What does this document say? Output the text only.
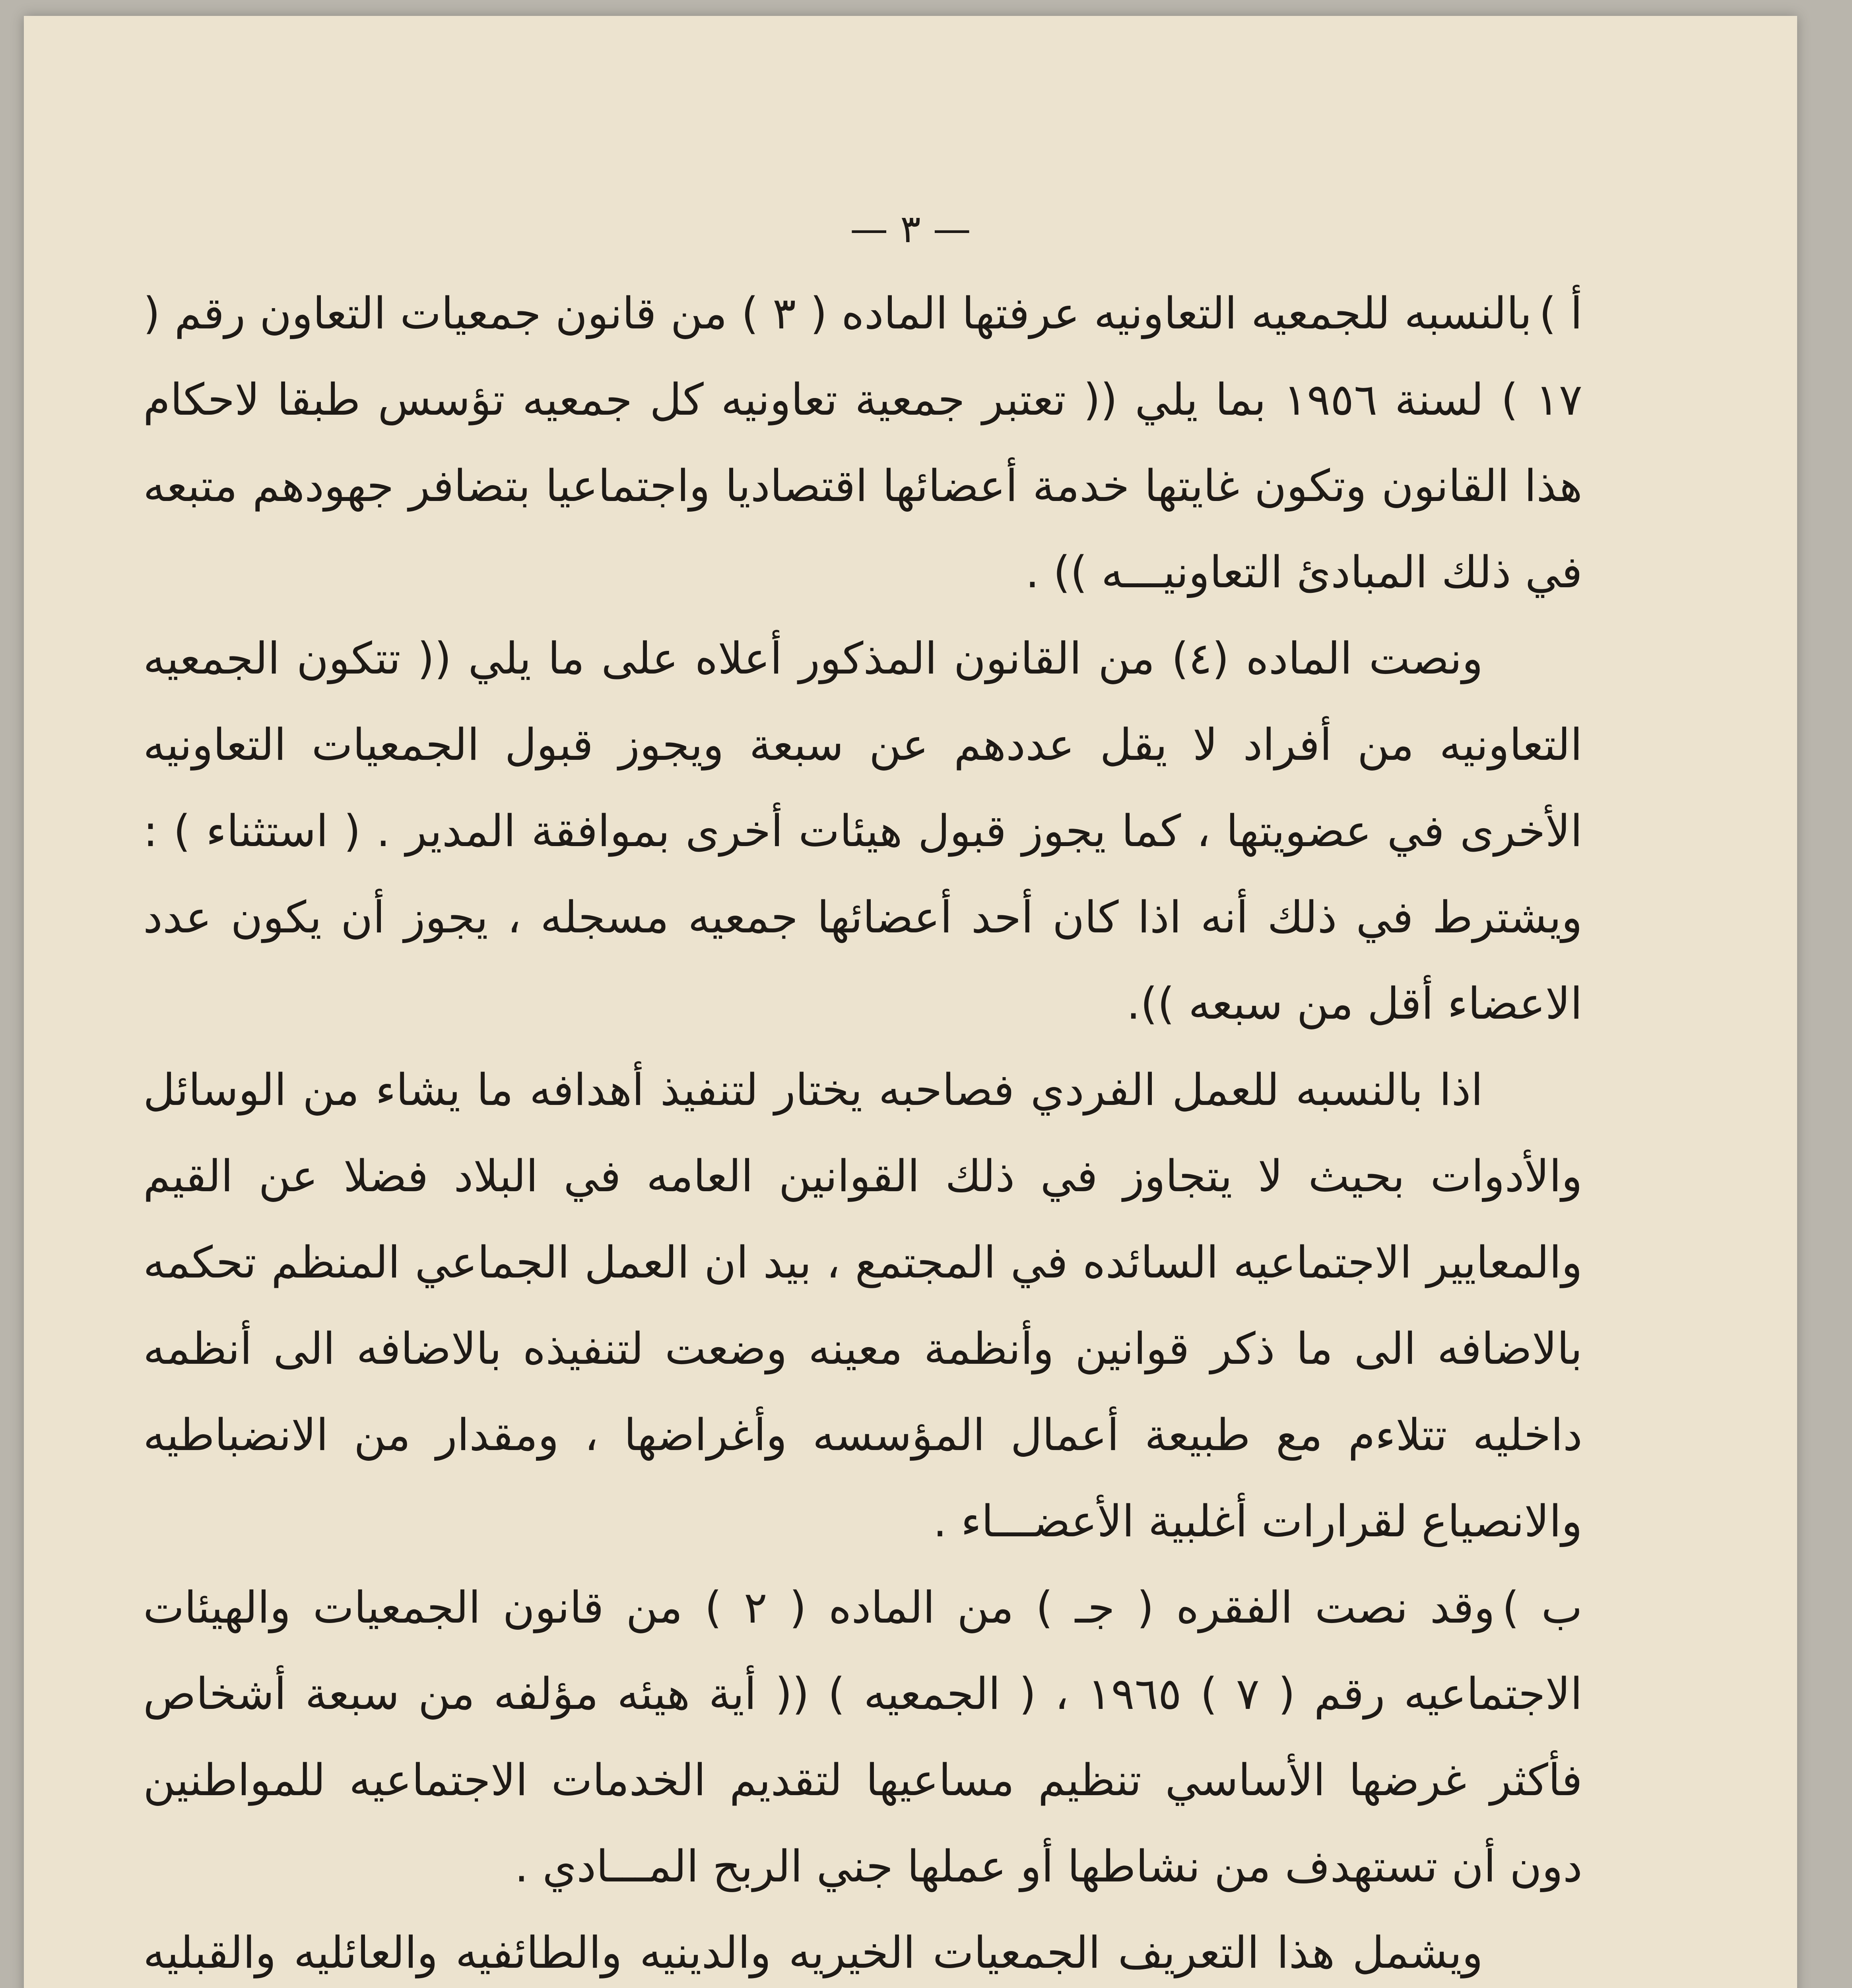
— ٣ —

أ )بالنسبه للجمعيه التعاونيه عرفتها الماده ( ٣ ) من قانون جمعيات التعاون رقم ( ١٧ ) لسنة ١٩٥٦ بما يلي (( تعتبر جمعية تعاونيه كل جمعيه تؤسس طبقا لاحكام هذا القانون وتكون غايتها خدمة أعضائها اقتصاديا واجتماعيا بتضافر جهودهم متبعه في ذلك المبادئ التعاونيـــه )) .

ونصت الماده (٤) من القانون المذكور أعلاه على ما يلي (( تتكون الجمعيه التعاونيه من أفراد لا يقل عددهم عن سبعة ويجوز قبول الجمعيات التعاونيه الأخرى في عضويتها ، كما يجوز قبول هيئات أخرى بموافقة المدير . ( استثناء ) : ويشترط في ذلك أنه اذا كان أحد أعضائها جمعيه مسجله ، يجوز أن يكون عدد الاعضاء أقل من سبعه )).

اذا بالنسبه للعمل الفردي فصاحبه يختار لتنفيذ أهدافه ما يشاء من الوسائل والأدوات بحيث لا يتجاوز في ذلك القوانين العامه في البلاد فضلا عن القيم والمعايير الاجتماعيه السائده في المجتمع ، بيد ان العمل الجماعي المنظم تحكمه بالاضافه الى ما ذكر قوانين وأنظمة معينه وضعت لتنفيذه بالاضافه الى أنظمه داخليه تتلاءم مع طبيعة أعمال المؤسسه وأغراضها ، ومقدار من الانضباطيه والانصياع لقرارات أغلبية الأعضـــاء .

ب )وقد نصت الفقره ( جـ ) من الماده ( ٢ ) من قانون الجمعيات والهيئات الاجتماعيه رقم ( ٧ ) ١٩٦٥ ، ( الجمعيه ) (( أية هيئه مؤلفه من سبعة أشخاص فأكثر غرضها الأساسي تنظيم مساعيها لتقديم الخدمات الاجتماعيه للمواطنين دون أن تستهدف من نشاطها أو عملها جني الربح المـــادي .

ويشمل هذا التعريف الجمعيات الخيريه والدينيه والطائفيه والعائليه والقبليه
